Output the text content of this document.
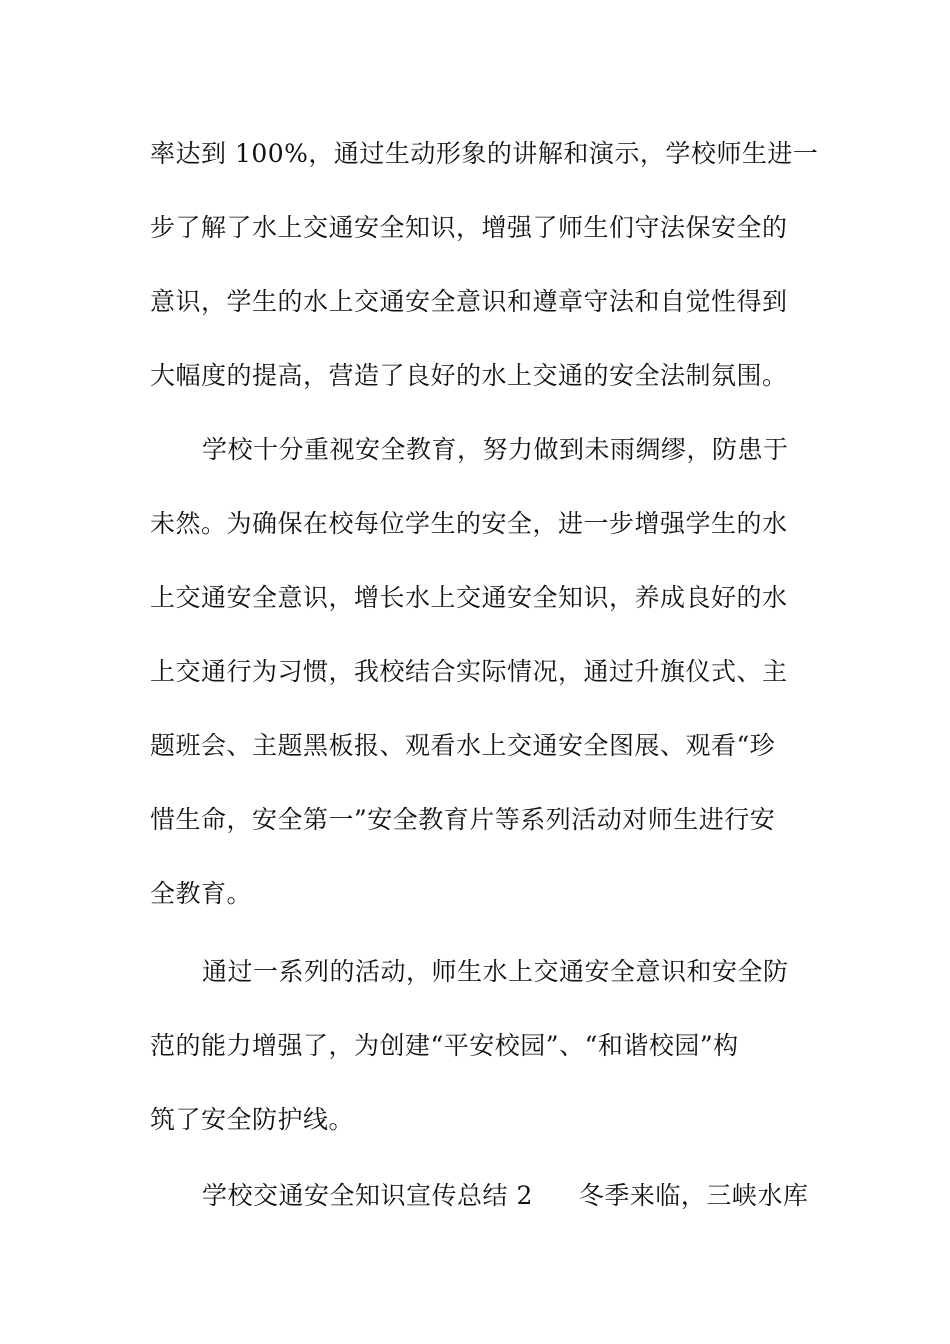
率达到 100%，通过生动形象的讲解和演示，学校师生进一
步了解了水上交通安全知识，增强了师生们守法保安全的
意识，学生的水上交通安全意识和遵章守法和自觉性得到
大幅度的提高，营造了良好的水上交通的安全法制氛围。
学校十分重视安全教育，努力做到未雨绸缪，防患于
未然。为确保在校每位学生的安全，进一步增强学生的水
上交通安全意识，增长水上交通安全知识，养成良好的水
上交通行为习惯，我校结合实际情况，通过升旗仪式、主
题班会、主题黑板报、观看水上交通安全图展、观看“珍
惜生命，安全第一”安全教育片等系列活动对师生进行安
全教育。
通过一系列的活动，师生水上交通安全意识和安全防
范的能力增强了，为创建“平安校园”、“和谐校园”构
筑了安全防护线。
学校交通安全知识宣传总结 2 冬季来临，三峡水库
